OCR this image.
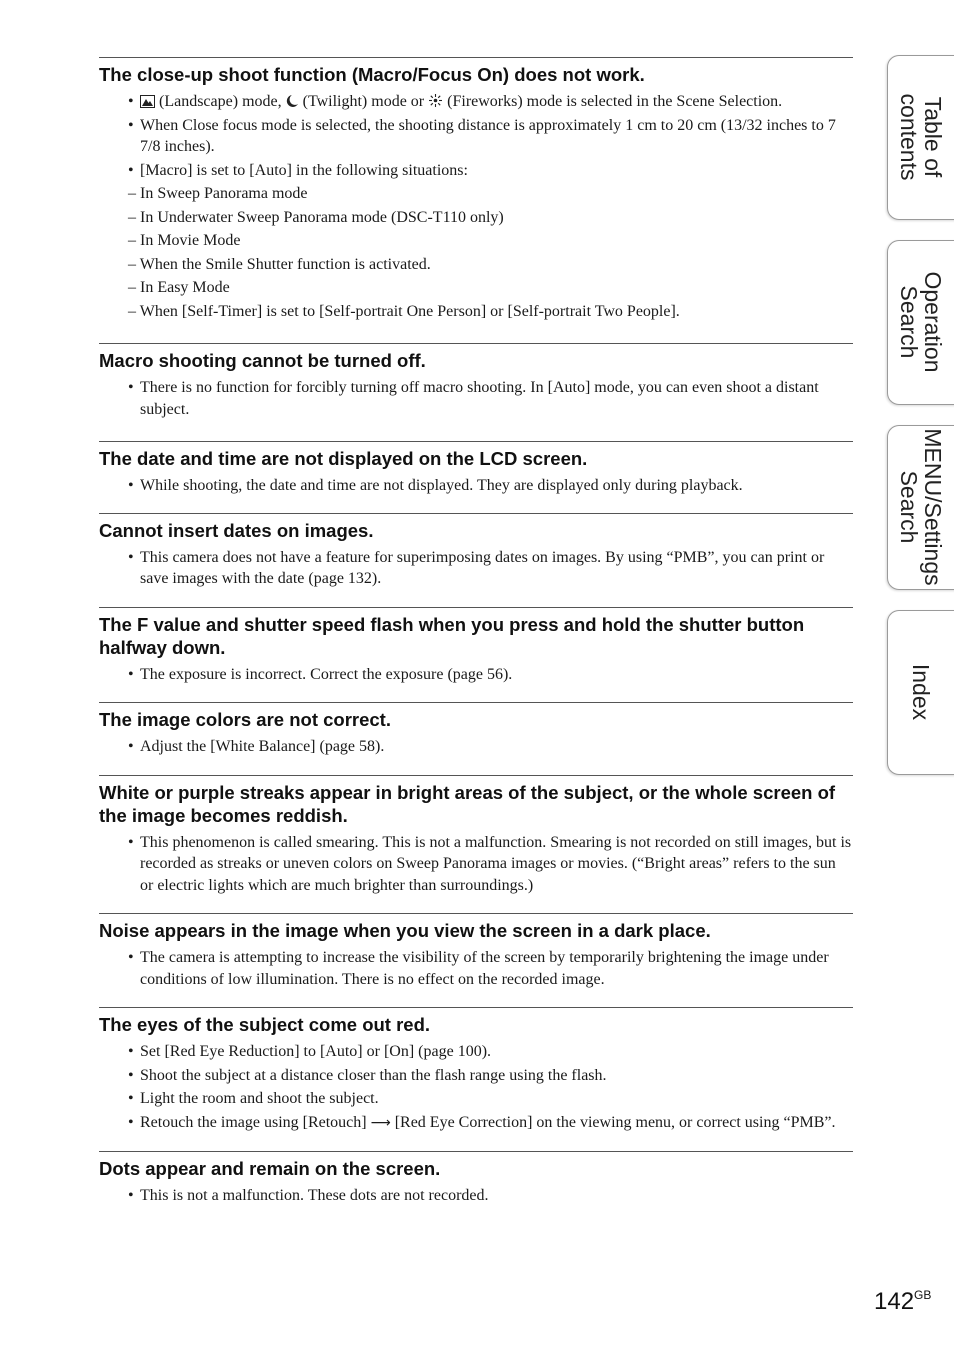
The close-up shoot function (Macro/Focus On) does not work.
• (Landscape) mode, (Twilight) mode or (Fireworks) mode is selected in the Scene Selection.
• When Close focus mode is selected, the shooting distance is approximately 1 cm to 20 cm (13/32 inches to 7 7/8 inches).
• [Macro] is set to [Auto] in the following situations:
– In Sweep Panorama mode
– In Underwater Sweep Panorama mode (DSC-T110 only)
– In Movie Mode
– When the Smile Shutter function is activated.
– In Easy Mode
– When [Self-Timer] is set to [Self-portrait One Person] or [Self-portrait Two People].
Macro shooting cannot be turned off.
• There is no function for forcibly turning off macro shooting. In [Auto] mode, you can even shoot a distant subject.
The date and time are not displayed on the LCD screen.
• While shooting, the date and time are not displayed. They are displayed only during playback.
Cannot insert dates on images.
• This camera does not have a feature for superimposing dates on images. By using “PMB”, you can print or save images with the date (page 132).
The F value and shutter speed flash when you press and hold the shutter button halfway down.
• The exposure is incorrect. Correct the exposure (page 56).
The image colors are not correct.
• Adjust the [White Balance] (page 58).
White or purple streaks appear in bright areas of the subject, or the whole screen of the image becomes reddish.
• This phenomenon is called smearing. This is not a malfunction. Smearing is not recorded on still images, but is recorded as streaks or uneven colors on Sweep Panorama images or movies. (“Bright areas” refers to the sun or electric lights which are much brighter than surroundings.)
Noise appears in the image when you view the screen in a dark place.
• The camera is attempting to increase the visibility of the screen by temporarily brightening the image under conditions of low illumination. There is no effect on the recorded image.
The eyes of the subject come out red.
• Set [Red Eye Reduction] to [Auto] or [On] (page 100).
• Shoot the subject at a distance closer than the flash range using the flash.
• Light the room and shoot the subject.
• Retouch the image using [Retouch] ⟶ [Red Eye Correction] on the viewing menu, or correct using “PMB”.
Dots appear and remain on the screen.
• This is not a malfunction. These dots are not recorded.
Table of
contents
Operation
Search
MENU/Settings
Search
Index
$142^{GB}$
